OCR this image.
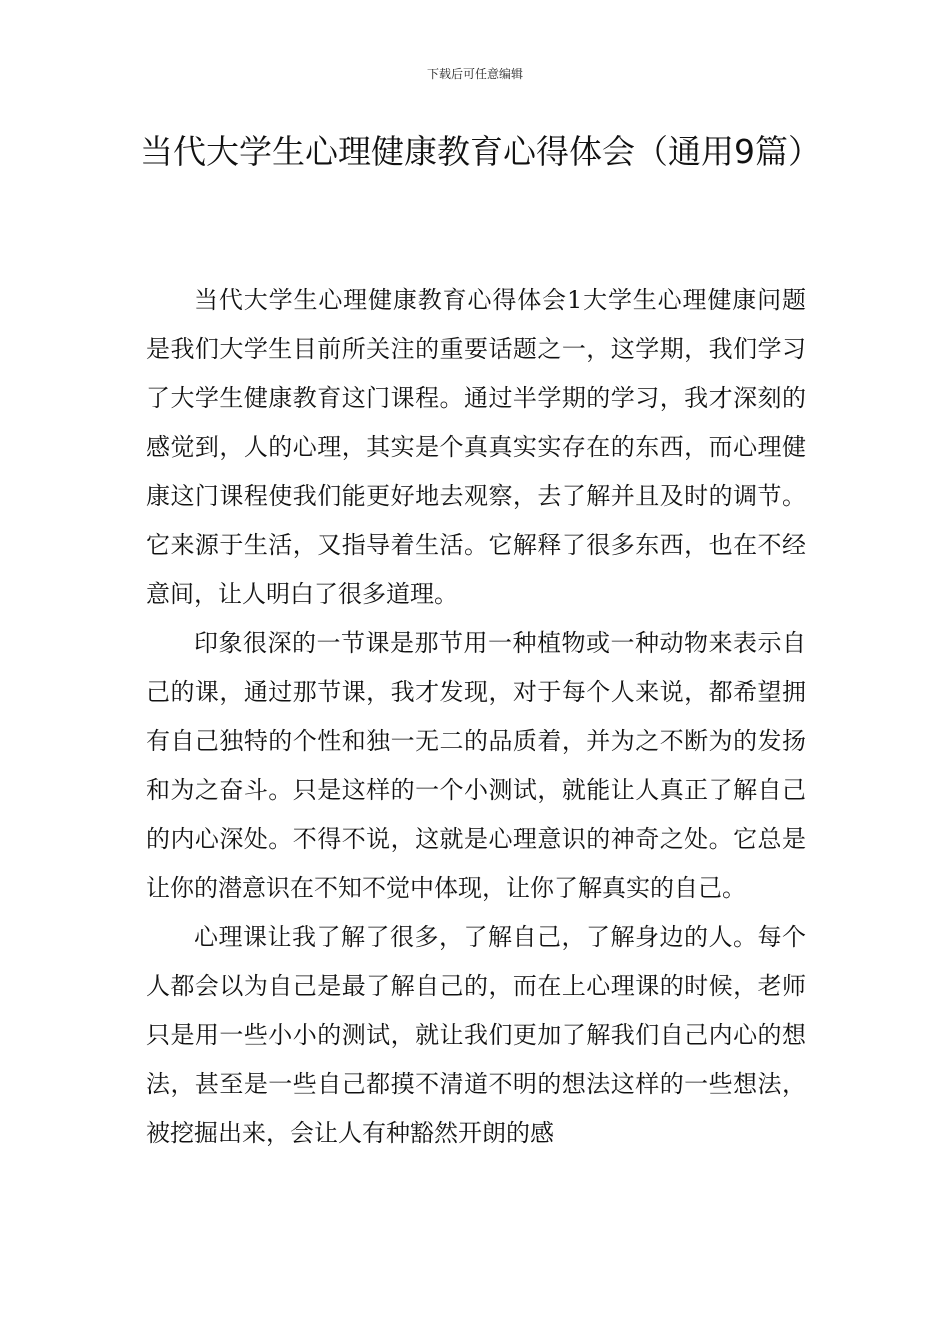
下载后可任意编辑
当代大学生心理健康教育心得体会（通用9篇）

当代大学生心理健康教育心得体会1大学生心理健康问题是我们大学生目前所关注的重要话题之一，这学期，我们学习了大学生健康教育这门课程。通过半学期的学习，我才深刻的感觉到，人的心理，其实是个真真实实存在的东西，而心理健康这门课程使我们能更好地去观察，去了解并且及时的调节。它来源于生活，又指导着生活。它解释了很多东西，也在不经意间，让人明白了很多道理。

印象很深的一节课是那节用一种植物或一种动物来表示自己的课，通过那节课，我才发现，对于每个人来说，都希望拥有自己独特的个性和独一无二的品质着，并为之不断为的发扬和为之奋斗。只是这样的一个小测试，就能让人真正了解自己的内心深处。不得不说，这就是心理意识的神奇之处。它总是让你的潜意识在不知不觉中体现，让你了解真实的自己。

心理课让我了解了很多，了解自己，了解身边的人。每个人都会以为自己是最了解自己的，而在上心理课的时候，老师只是用一些小小的测试，就让我们更加了解我们自己内心的想法，甚至是一些自己都摸不清道不明的想法这样的一些想法，被挖掘出来，会让人有种豁然开朗的感
